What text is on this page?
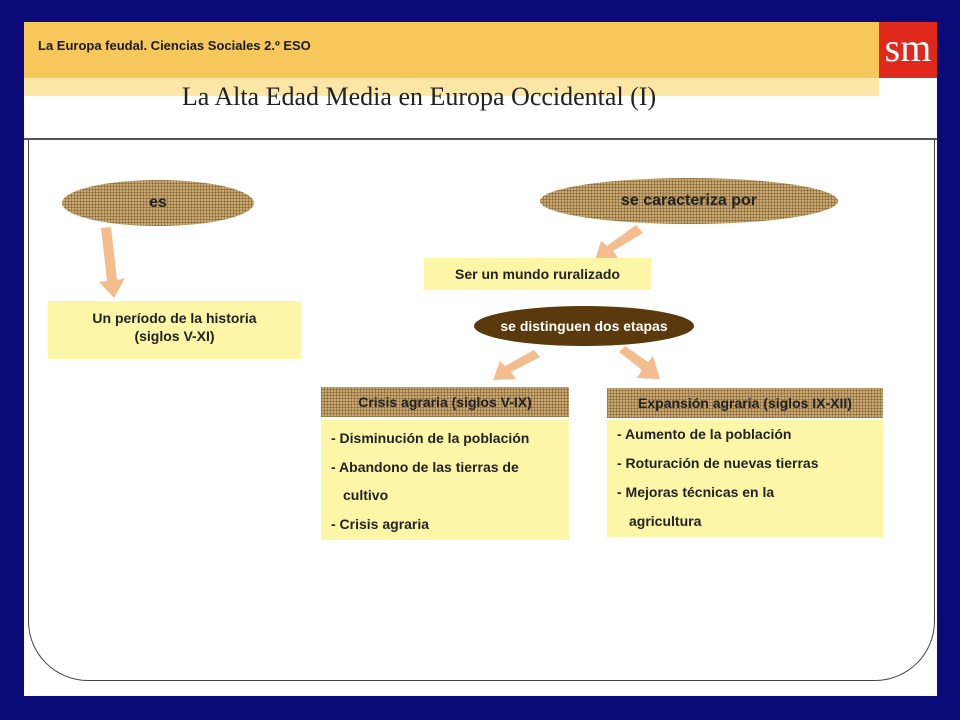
La Europa feudal. Ciencias Sociales 2.º ESO	sm
La Alta Edad Media en Europa Occidental (I)
es	se caracteriza por
Un período de la historia
(siglos V-XI)
Ser un mundo ruralizado
se distinguen dos etapas
Crisis agraria (siglos V-IX)
- Disminución de la población
- Abandono de las tierras de
cultivo
- Crisis agraria
Expansión agraria (siglos IX-XII)
- Aumento de la población
- Roturación de nuevas tierras
- Mejoras técnicas en la
agricultura
